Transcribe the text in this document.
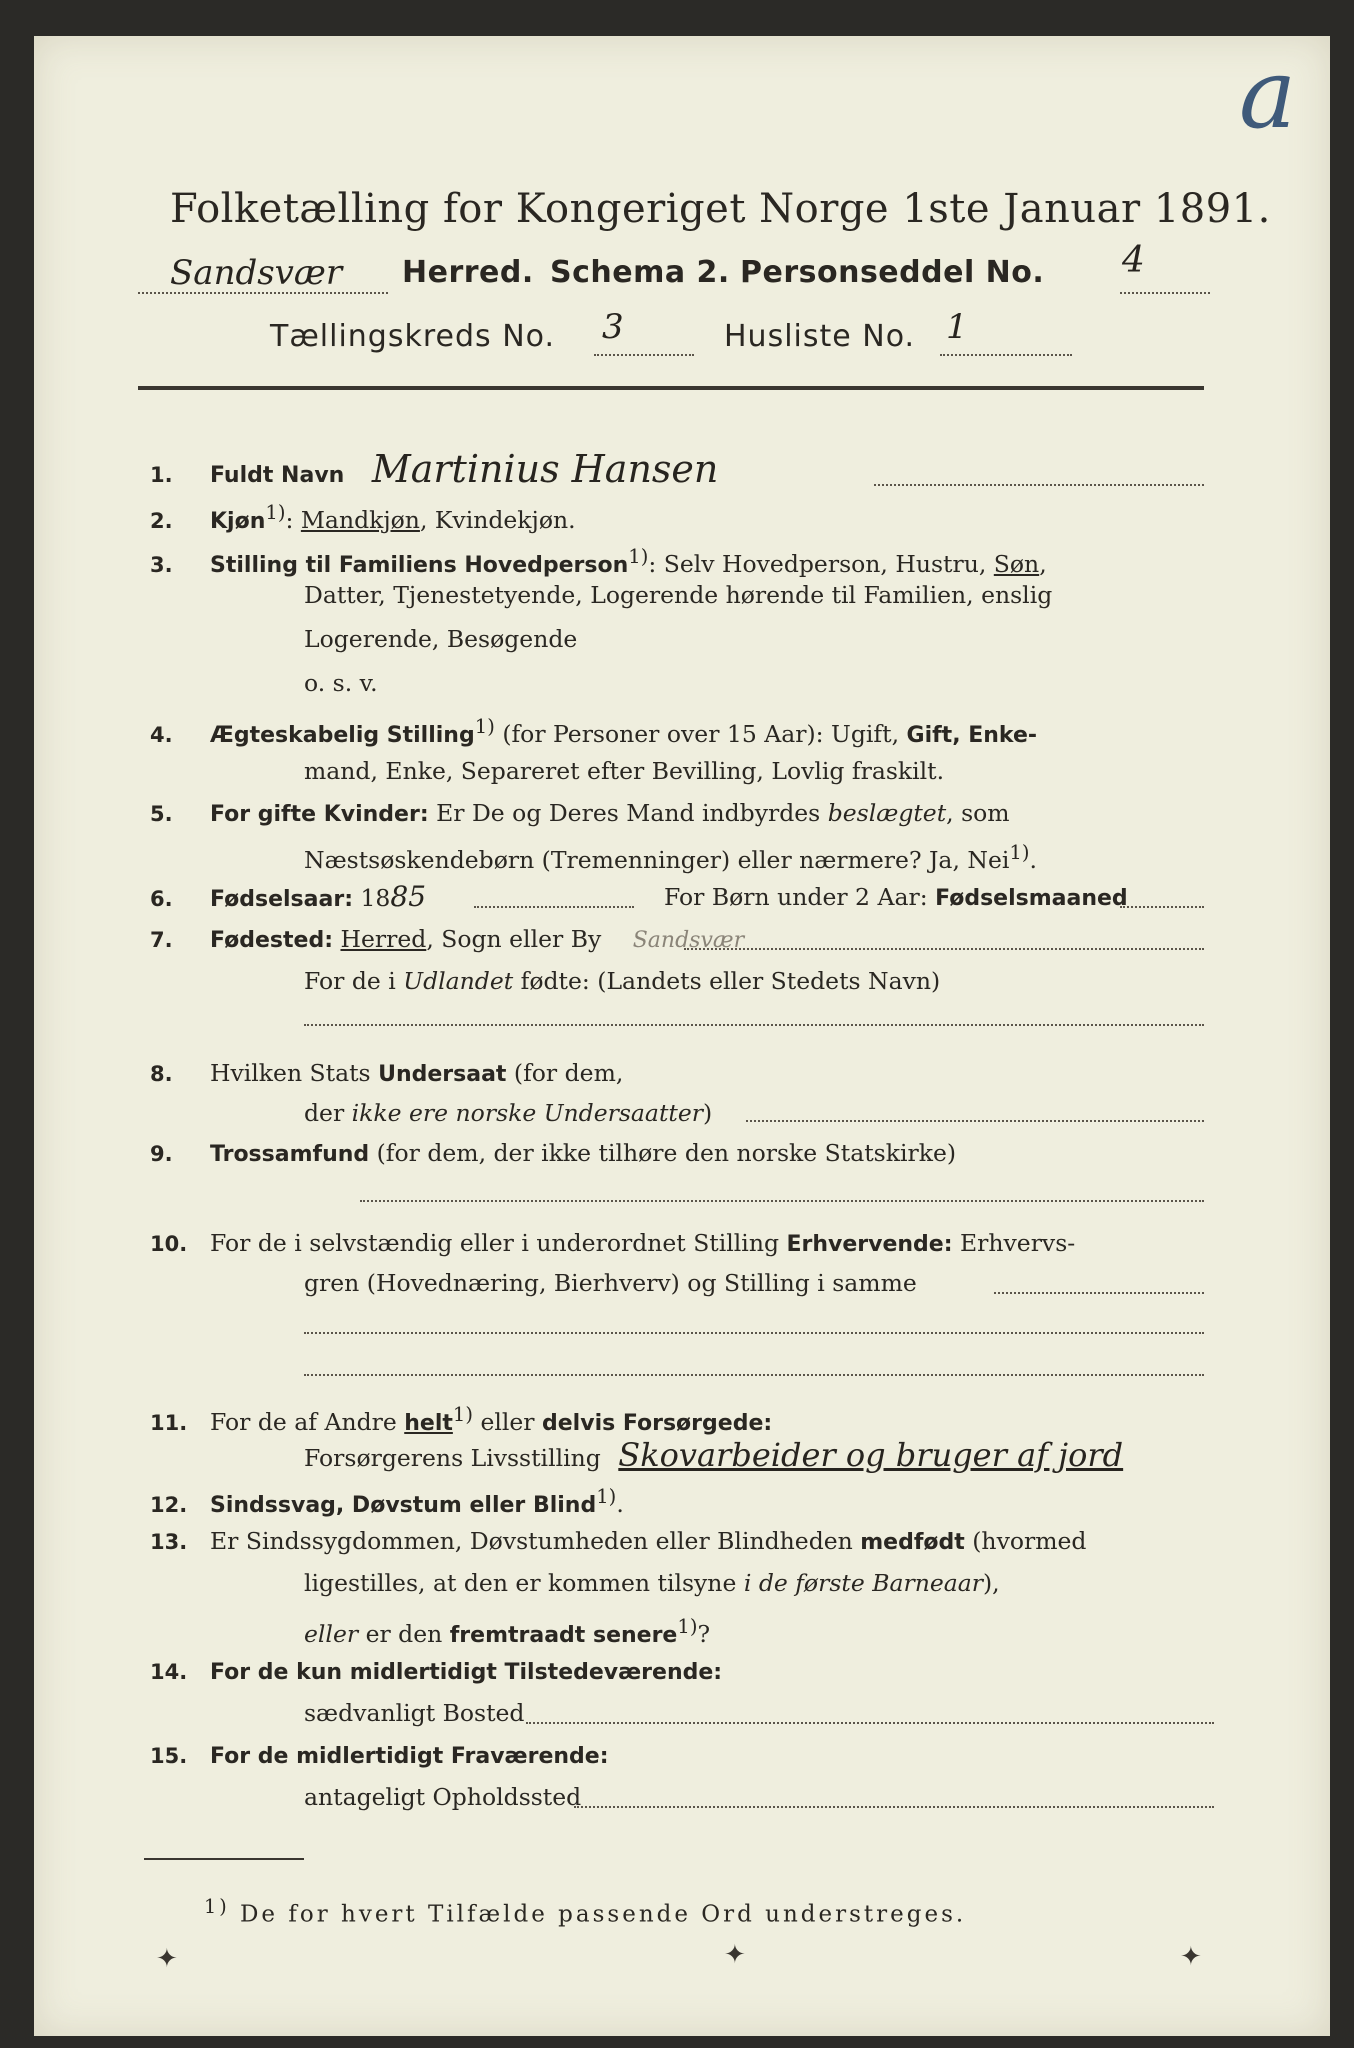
a
Folketælling for Kongeriget Norge 1ste Januar 1891.
Sandsvær Herred. Schema 2. Personseddel No. 4
Tællingskreds No. 3	Husliste No. 1
1. Fuldt Navn Martinius Hansen
2. Kjøn$^{1)}$: Mandkjøn, Kvindekjøn.
3. Stilling til Familiens Hovedperson$^{1)}$: Selv Hovedperson, Hustru, Søn,
Datter, Tjenestetyende, Logerende hørende til Familien, enslig
Logerende, Besøgende
o. s. v.
4. Ægteskabelig Stilling$^{1)}$ (for Personer over 15 Aar): Ugift, Gift, Enke-
mand, Enke, Separeret efter Bevilling, Lovlig fraskilt.
5. For gifte Kvinder: Er De og Deres Mand indbyrdes beslægtet, som
Næstsøskendebørn (Tremenninger) eller nærmere? Ja, Nei$^{1)}$.
6. Fødselsaar: 1885	For Børn under 2 Aar: Fødselsmaaned
7. Fødested: Herred, Sogn eller By Sandsvær
For de i Udlandet fødte: (Landets eller Stedets Navn)
8. Hvilken Stats Undersaat (for dem,
der ikke ere norske Undersaatter)
9. Trossamfund (for dem, der ikke tilhøre den norske Statskirke)
10. For de i selvstændig eller i underordnet Stilling Erhvervende: Erhvervs-
gren (Hovednæring, Bierhverv) og Stilling i samme
11. For de af Andre helt$^{1)}$ eller delvis Forsørgede:
Forsørgerens Livsstilling Skovarbeider og bruger af jord
12. Sindssvag, Døvstum eller Blind$^{1)}$.
13. Er Sindssygdommen, Døvstumheden eller Blindheden medfødt (hvormed
ligestilles, at den er kommen tilsyne i de første Barneaar),
eller er den fremtraadt senere$^{1)}$?
14. For de kun midlertidigt Tilstedeværende:
sædvanligt Bosted
15. For de midlertidigt Fraværende:
antageligt Opholdssted
$^{1)}$ De for hvert Tilfælde passende Ord understreges.
✦	✦	✦
